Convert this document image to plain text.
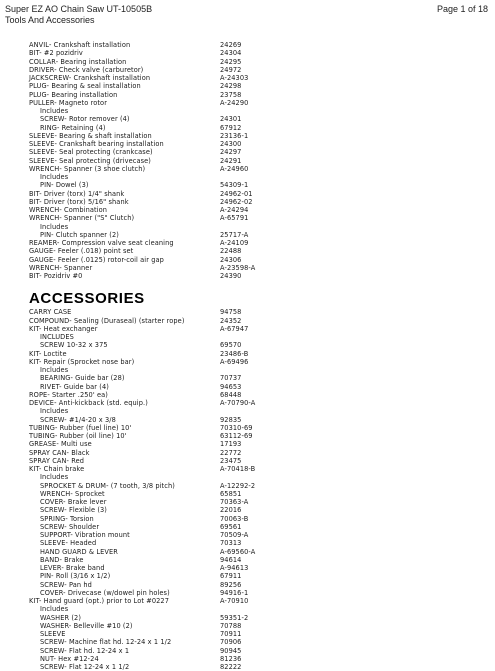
Super EZ AO Chain Saw UT-10505B
Tools And Accessories
Page 1 of 18
ANVIL- Crankshaft installation	24269
BIT- #2 pozidriv	24304
COLLAR- Bearing installation	24295
DRIVER- Check valve (carburetor)	24972
JACKSCREW- Crankshaft installation	A-24303
PLUG- Bearing & seal installation	24298
PLUG- Bearing installation	23758
PULLER- Magneto rotor	A-24290
Includes
SCREW- Rotor remover (4)	24301
RING- Retaining (4)	67912
SLEEVE- Bearing & shaft installation	23136-1
SLEEVE- Crankshaft bearing installation	24300
SLEEVE- Seal protecting (crankcase)	24297
SLEEVE- Seal protecting (drivecase)	24291
WRENCH- Spanner (3 shoe clutch)	A-24960
Includes
PIN- Dowel (3)	54309-1
BIT- Driver (torx) 1/4" shank	24962-01
BIT- Driver (torx) 5/16" shank	24962-02
WRENCH- Combination	A-24294
WRENCH- Spanner ("S" Clutch)	A-65791
Includes
PIN- Clutch spanner (2)	25717-A
REAMER- Compression valve seat cleaning	A-24109
GAUGE- Feeler (.018) point set	22488
GAUGE- Feeler (.0125) rotor-coil air gap	24306
WRENCH- Spanner	A-23598-A
BIT- Pozidriv #0	24390
ACCESSORIES
CARRY CASE	94758
COMPOUND- Sealing (Duraseal) (starter rope)	24352
KIT- Heat exchanger	A-67947
INCLUDES
SCREW 10-32 x 375	69570
KIT- Loctite	23486-B
KIT- Repair (Sprocket nose bar)	A-69496
Includes
BEARING- Guide bar (28)	70737
RIVET- Guide bar (4)	94653
ROPE- Starter .250' ea)	68448
DEVICE- Anti-kickback (std. equip.)	A-70790-A
Includes
SCREW- #1/4-20 x 3/8	92835
TUBING- Rubber (fuel line) 10'	70310-69
TUBING- Rubber (oil line) 10'	63112-69
GREASE- Multi use	17193
SPRAY CAN- Black	22772
SPRAY CAN- Red	23475
KIT- Chain brake	A-70418-B
Includes
SPROCKET & DRUM- (7 tooth, 3/8 pitch)	A-12292-2
WRENCH- Sprocket	65851
COVER- Brake lever	70363-A
SCREW- Flexible (3)	22016
SPRING- Torsion	70063-B
SCREW- Shoulder	69561
SUPPORT- Vibration mount	70509-A
SLEEVE- Headed	70313
HAND GUARD & LEVER	A-69560-A
BAND- Brake	94614
LEVER- Brake band	A-94613
PIN- Roll (3/16 x 1/2)	67911
SCREW- Pan hd	89256
COVER- Drivecase (w/dowel pin holes)	94916-1
KIT- Hand guard (opt.) prior to Lot #0227	A-70910
Includes
WASHER (2)	59351-2
WASHER- Belleville #10 (2)	70788
SLEEVE	70911
SCREW- Machine flat hd. 12-24 x 1 1/2	70906
SCREW- Flat hd. 12-24 x 1	90945
NUT- Hex #12-24	81236
SCREW- Flat 12-24 x 1 1/2	82222
